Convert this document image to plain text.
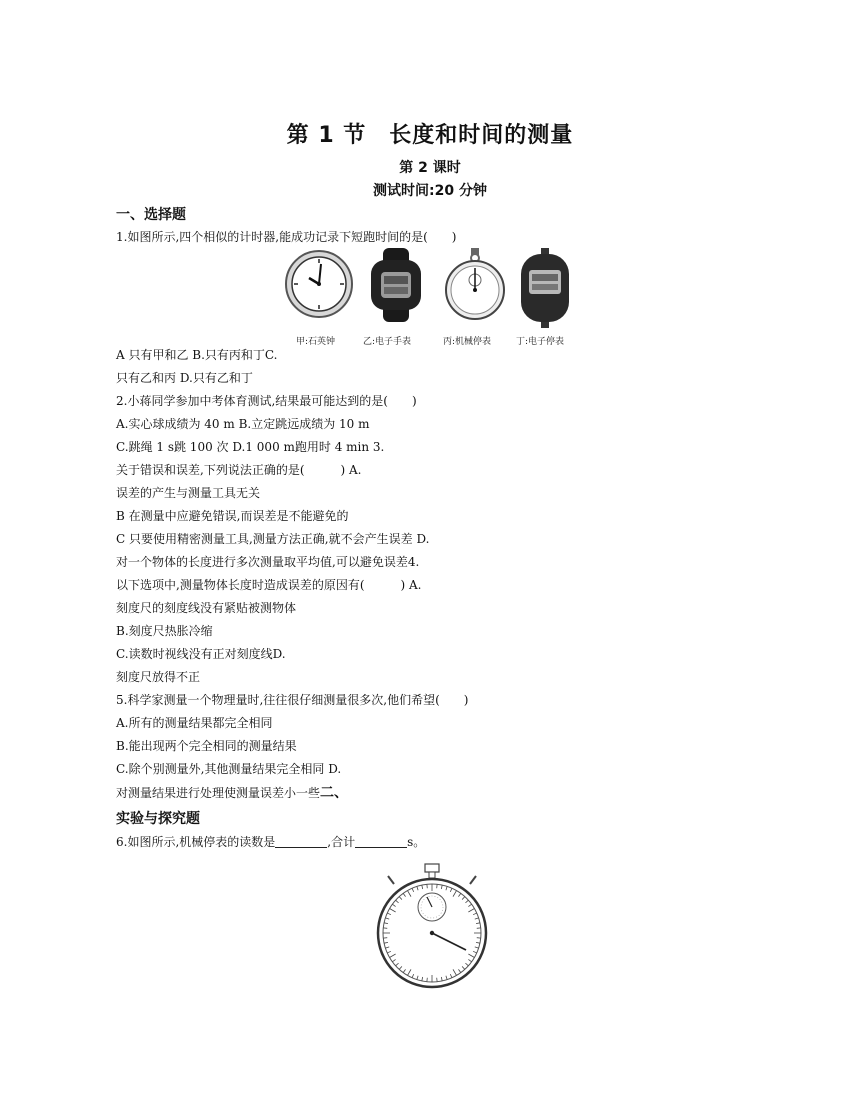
第 1 节　长度和时间的测量
第 2 课时
测试时间:20 分钟
一、选择题
1.如图所示,四个相似的计时器,能成功记录下短跑时间的是(　　)
甲:石英钟	乙:电子手表	丙:机械停表	丁:电子停表
A 只有甲和乙 B.只有丙和丁C.
只有乙和丙 D.只有乙和丁
2.小蒋同学参加中考体育测试,结果最可能达到的是(　　)
A.实心球成绩为 40 m B.立定跳远成绩为 10 m
C.跳绳 1 s跳 100 次 D.1 000 m跑用时 4 min 3.
关于错误和误差,下列说法正确的是(　　　) A.
误差的产生与测量工具无关
B 在测量中应避免错误,而误差是不能避免的
C 只要使用精密测量工具,测量方法正确,就不会产生误差 D.
对一个物体的长度进行多次测量取平均值,可以避免误差4.
以下选项中,测量物体长度时造成误差的原因有(　　　) A.
刻度尺的刻度线没有紧贴被测物体
B.刻度尺热胀冷缩
C.读数时视线没有正对刻度线D.
刻度尺放得不正
5.科学家测量一个物理量时,往往很仔细测量很多次,他们希望(　　)
A.所有的测量结果都完全相同
B.能出现两个完全相同的测量结果
C.除个别测量外,其他测量结果完全相同 D.
对测量结果进行处理使测量误差小一些二、
实验与探究题
6.如图所示,机械停表的读数是	,合计	s。
